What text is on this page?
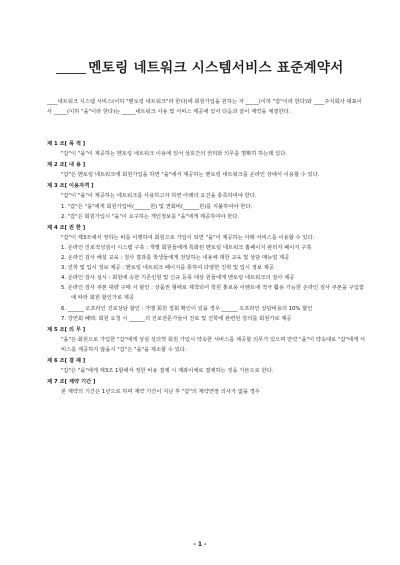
멘토링 네트워크 시스템서비스 표준계약서
____네트워크 시스템 서비스(이하 "멘토링 네트워크"라 한다)에 회원가입을 원하는 자 _____(이하 "갑"이라 한다)와 ____주식회사 대표이사 _____(이하 "을"이라 한다)는 _____네트워크 사용 및 서비스 제공에 있어 다음과 같이 계약을 체결한다.
제 1 조[ 목 적 ]
"갑"이 "을"이 제공하는 멘토링 네트워크 이용에 있어 상호간의 권리와 의무를 명확히 하는데 있다.
제 2 조[ 내 용 ]
"갑"은 멘토링 네트워크에 회원가입을 하면 "을"에서 제공하는 멘토링 네트워크를 온라인 상에서 이용할 수 있다.
제 3 조[ 이용자격 ]
"갑"이 "을"이 제공하는 네트워크를 사용하고자 하면 아래의 요건을 충족하여야 한다.
1. "갑"은 "을"에게 회원가입비(______원) 및 연회비(______원)를 지불하여야 한다.
2. "갑"은 회원가입시 "을"이 요구하는 개인정보를 "을"에게 제공하여야 한다.
제 4 조[ 권 한 ]
"갑"이 제3조에서 정하는 바를 이행하여 회원으로 가입이 되면 "을"이 제공하는 아래 서비스를 이용할 수 있다.
1. 온라인 진로적성검사 시스템 구축 : 개별 회원들에게 특화된 멘토링 네트워크 홈페이지 관리자 페이지 구축
2. 온라인 검사 해설 교육 : 검사 결과를 학생들에게 전달하는 내용에 대한 교육 및 상담 매뉴얼 제공
3. 진학 및 입시 정보 제공 : 멘토링 네트워크 페이지를 통하여 다양한 진학 및 입시 정보 제공
4. 온라인 검사 실시 : 회원에 속한 기존인원 및 신규 등록 대상 원들에게 멘토링 네트워크의 검사 제공
5. 온라인 검사 쿠폰 대량 구매 시 할인 : 상품권 형태로 제작되어 학원 홍보용 이벤트에 적극 활용 가능한 온라인 검사 쿠폰을 구입함에 따라 회원 할인가로 제공
6. ______ 오프라인 진로상담 할인 : 가맹 회원 정회 확인이 있을 경우 ______ 오프라인 상담비용의 10% 할인
7. 강연회 혜택: 회원 요청 시 ______의 진로전문가들이 진로 및 진학에 관련된 강의를 회원가로 제공
제 5 조[ 의 무 ]
"을"은 회원으로 가입한 "갑"에게 성심 성의껏 회원 가입시 약속한 서비스를 제공할 의무가 있으며 만약 "을"이 약속대로 "갑"에게 서비스를 제공하지 않을시 "갑"은 "을"을 제소할 수 있다.
제 6 조[ 결 제 ]
"갑"은 "을"에게 제3조 1항에서 정한 비용 결제 시 계좌이체로 결제하는 것을 기본으로 한다.
제 7 조[ 계약 기간 ]
본 계약의 기간은 1년으로 하며 계약 기간이 지난 후 "갑"의 계약연장 의사가 없을 경우
- 1 -
